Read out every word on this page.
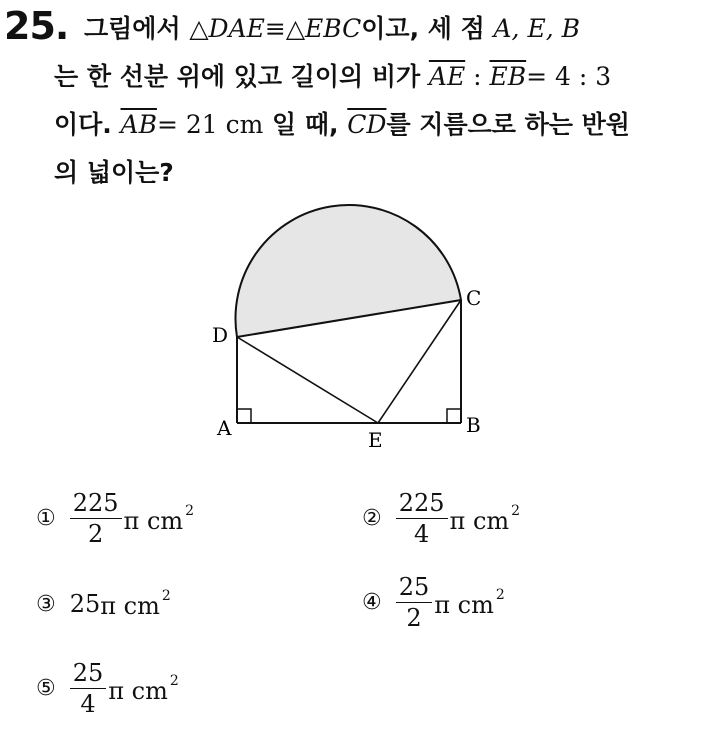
25. 그림에서 △DAE≡△EBC이고, 세 점 A, E, B
는 한 선분 위에 있고 길이의 비가 $\overline{AE}$ : $\overline{EB}= 4$ : 3
이다. $\overline{AB}= 21$ cm 일 때, $\overline{CD}$를 지름으로 하는 반원
의 넓이는?
D
C
A	B
E
① $\frac{225}{2}$ π cm $^2$	② $\frac{225}{4}$ π cm $^2$
③ 25 π cm $^2$	④ $\frac{25}{2}$ π cm $^2$
⑤ $\frac{25}{4}$ π cm $^2$
